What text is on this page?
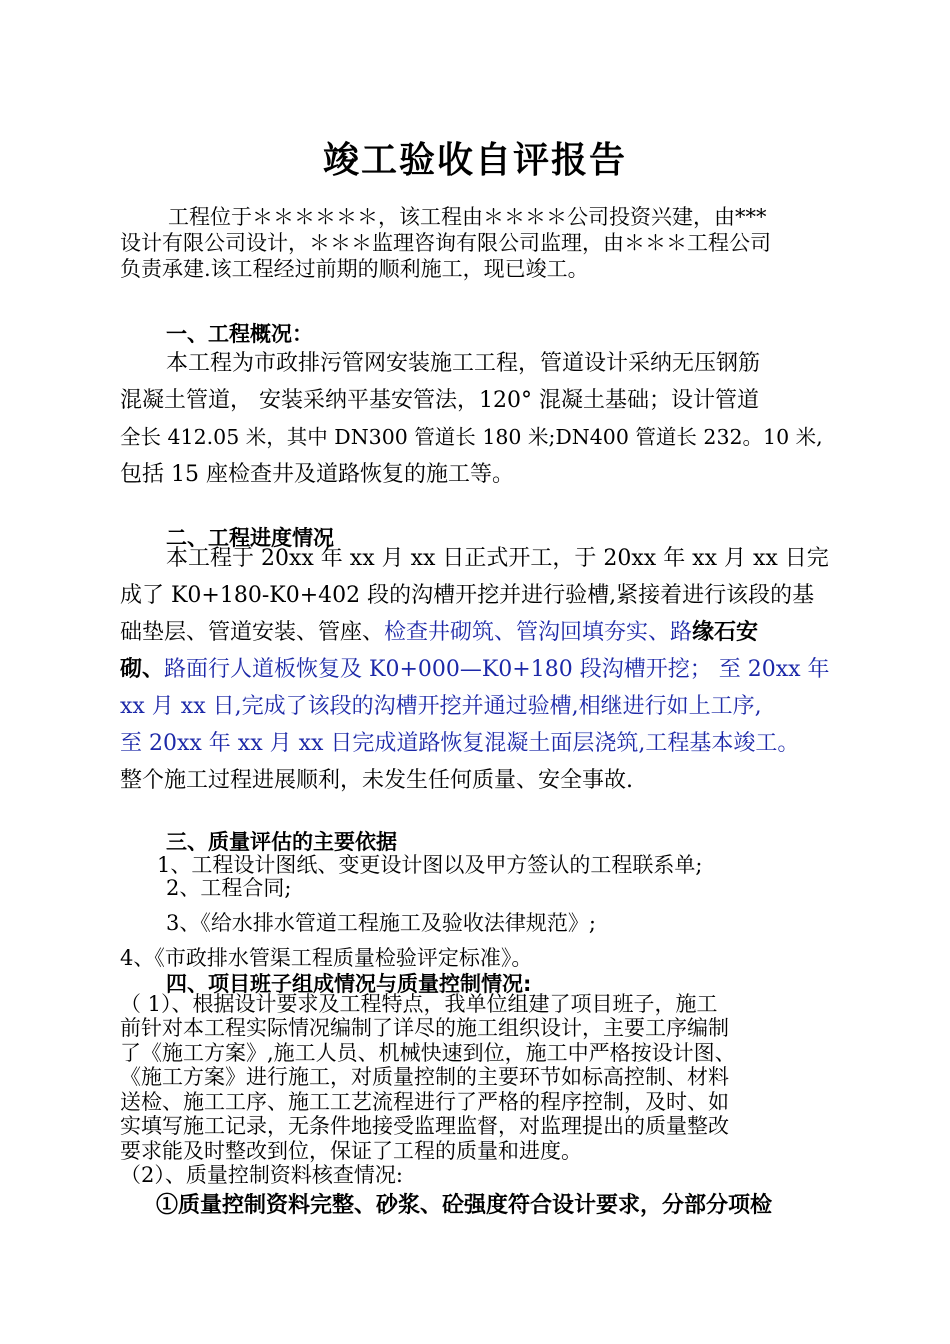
竣工验收自评报告

工程位于＊＊＊＊＊＊，该工程由＊＊＊＊公司投资兴建，由***

设计有限公司设计，＊＊＊监理咨询有限公司监理，由＊＊＊工程公司

负责承建.该工程经过前期的顺利施工，现已竣工。

一、工程概况：

本工程为市政排污管网安装施工工程，管道设计采纳无压钢筋

混凝土管道， 安装采纳平基安管法，120° 混凝土基础；设计管道

全长 412.05 米，其中 DN300 管道长 180 米;DN400 管道长 232。10 米,

包括 15 座检查井及道路恢复的施工等。

二、工程进度情况

本工程于 20xx 年 xx 月 xx 日正式开工，于 20xx 年 xx 月 xx 日完

成了 K0+180-K0+402 段的沟槽开挖并进行验槽,紧接着进行该段的基

础垫层、管道安装、管座、检查井砌筑、管沟回填夯实、路缘石安

砌、路面行人道板恢复及 K0+000—K0+180 段沟槽开挖； 至 20xx 年

xx 月 xx 日,完成了该段的沟槽开挖并通过验槽,相继进行如上工序,

至 20xx 年 xx 月 xx 日完成道路恢复混凝土面层浇筑,工程基本竣工。

整个施工过程进展顺利，未发生任何质量、安全事故.

三、质量评估的主要依据

1、工程设计图纸、变更设计图以及甲方签认的工程联系单;

2、工程合同;

3、《给水排水管道工程施工及验收法律规范》;

4、《市政排水管渠工程质量检验评定标准》。

四、项目班子组成情况与质量控制情况:

（ 1）、根据设计要求及工程特点，我单位组建了项目班子，施工

前针对本工程实际情况编制了详尽的施工组织设计，主要工序编制

了《施工方案》,施工人员、机械快速到位，施工中严格按设计图、

《施工方案》进行施工，对质量控制的主要环节如标高控制、材料

送检、施工工序、施工工艺流程进行了严格的程序控制，及时、如

实填写施工记录，无条件地接受监理监督，对监理提出的质量整改

要求能及时整改到位，保证了工程的质量和进度。

（2）、质量控制资料核查情况:

①质量控制资料完整、砂浆、砼强度符合设计要求，分部分项检
